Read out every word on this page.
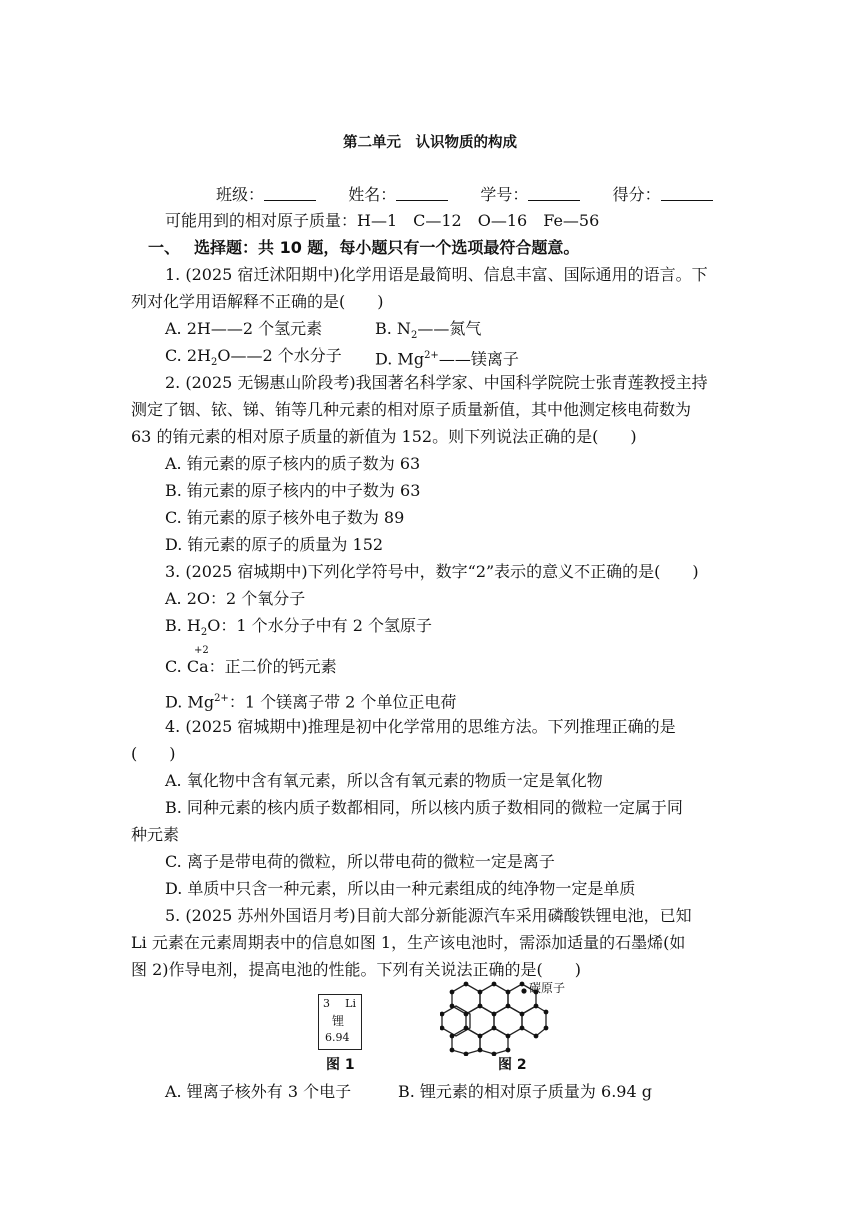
第二单元　认识物质的构成
班级：	姓名：	学号：	得分：
可能用到的相对原子质量：H—1　C—12　O—16　Fe—56
一、 选择题：共 10 题，每小题只有一个选项最符合题意。
1. (2025 宿迁沭阳期中)化学用语是最简明、信息丰富、国际通用的语言。下
列对化学用语解释不正确的是(　　)
A. 2H——2 个氢元素	B. $N_2——$氮气
C. $2H_2O——2$ 个水分子 D. $Mg^{2+}——$镁离子
2. (2025 无锡惠山阶段考)我国著名科学家、中国科学院院士张青莲教授主持
测定了铟、铱、锑、铕等几种元素的相对原子质量新值，其中他测定核电荷数为
63 的铕元素的相对原子质量的新值为 152。则下列说法正确的是(　　)
A. 铕元素的原子核内的质子数为 63
B. 铕元素的原子核内的中子数为 63
C. 铕元素的原子核外电子数为 89
D. 铕元素的原子的质量为 152
3. (2025 宿城期中)下列化学符号中，数字“2”表示的意义不正确的是(　　)
A. 2O：2 个氧分子
B. $H_2O$：1 个水分子中有 2 个氢原子
+2
C. Ca：正二价的钙元素
D. $Mg^{2+}$：1 个镁离子带 2 个单位正电荷
4. (2025 宿城期中)推理是初中化学常用的思维方法。下列推理正确的是
(　　)
A. 氧化物中含有氧元素，所以含有氧元素的物质一定是氧化物
B. 同种元素的核内质子数都相同，所以核内质子数相同的微粒一定属于同
种元素
C. 离子是带电荷的微粒，所以带电荷的微粒一定是离子
D. 单质中只含一种元素，所以由一种元素组成的纯净物一定是单质
5. (2025 苏州外国语月考)目前大部分新能源汽车采用磷酸铁锂电池，已知
Li 元素在元素周期表中的信息如图 1，生产该电池时，需添加适量的石墨烯(如
图 2)作导电剂，提高电池的性能。下列有关说法正确的是(　　)
3 Li
锂
6.94
图 1
碳原子
图 2
A. 锂离子核外有 3 个电子	B. 锂元素的相对原子质量为 6.94 g
